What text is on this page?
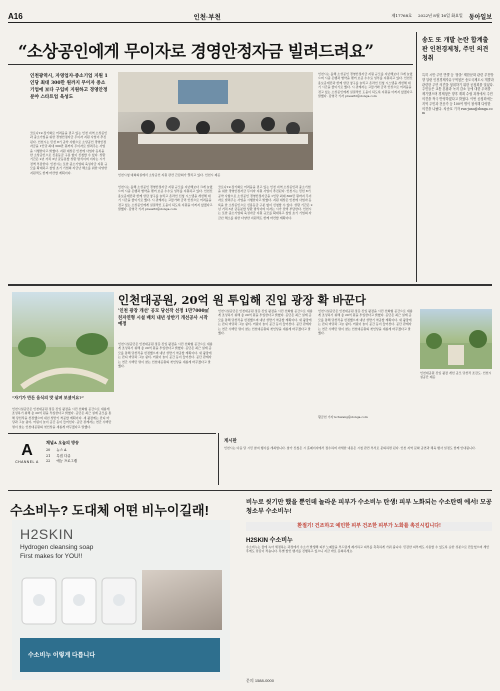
A16	인천·부천	제17768호 2022년 8월 16일 화요일 동아일보
“소상공인에게 무이자로 경영안정자금 빌려드려요”
인천광역시, 자영업자·중소기업 지원 1인당 최대 300만 원까지 무이자 중소기업에 보다 구입비 지원하고 경영안정 분야 스타트업 육성도
코로나19 장기화로 어려움을 겪고 있는 인천 지역 소상공인과 중소기업을 위한 경영안정자금 무이자 지원 사업이 추진된다. 인천시는 민선 8기 공약 사항으로 소상공인 경영안정자금을 1인당 최대 300만 원까지 무이자로 빌려주는 사업을 시행한다고 밝혔다. 지원 대상은 인천에 사업자 등록을 한 소상공인으로 신용등급 구분 없이 신청할 수 있다. 상환 기간은 2년 거치 3년 균등분할 상환 방식이며 이자는 시가 전액 부담한다. 인천시는 또한 중소기업의 육성자금 지원 규모를 확대하고 창업 초기 기업의 자금난 해소를 위한 다양한 지원책도 함께 마련할 계획이다.
인천시청 대회의실에서 소상공인 지원 관련 간담회가 열리고 있다. 인천시 제공
인천시는 올해 소상공인 경영안정자금 지원 규모를 지난해보다 크게 늘렸으며 시중 은행과 협약을 맺어 보증 수수료 일부를 지원하고 있다. 인천신용보증재단과 함께 상담 창구를 늘리고 온라인 신청 시스템을 개선해 대기 시간을 줄이기로 했다. 시 관계자는 고물가와 금리 인상으로 어려움을 겪고 있는 소상공인에게 실질적인 도움이 되도록 지원을 아끼지 않겠다고 말했다. 김영국 기자 press82@donga.com
코로나19 장기화로 어려움을 겪고 있는 인천 지역 소상공인과 중소기업을 위한 경영안정자금 무이자 지원 사업이 추진된다. 인천시는 민선 8기 공약 사항으로 소상공인 경영안정자금을 1인당 최대 300만 원까지 무이자로 빌려주는 사업을 시행한다고 밝혔다. 지원 대상은 인천에 사업자 등록을 한 소상공인으로 신용등급 구분 없이 신청할 수 있다. 상환 기간은 2년 거치 3년 균등분할 상환 방식이며 이자는 시가 전액 부담한다. 인천시는 또한 중소기업의 육성자금 지원 규모를 확대하고 창업 초기 기업의 자금난 해소를 위한 다양한 지원책도 함께 마련할 계획이다.
인천시는 올해 소상공인 경영안정자금 지원 규모를 지난해보다 크게 늘렸으며 시중 은행과 협약을 맺어 보증 수수료 일부를 지원하고 있다. 인천신용보증재단과 함께 상담 창구를 늘리고 온라인 신청 시스템을 개선해 대기 시간을 줄이기로 했다. 시 관계자는 고물가와 금리 인상으로 어려움을 겪고 있는 소상공인에게 실질적인 도움이 되도록 지원을 아끼지 않겠다고 말했다. 김영국 기자 press82@donga.com
송도 또 개발 논란 합계출판 인천경제청, 주민 의견 청취
특히 시민·주민 반발 등 '참을' 제한문화 관련 추진방향 알린 인천경제자유구역청은 송도국제도시 개발과 관련한 주민 의견을 청취하기 위한 공청회를 열었다. 주민들은 교통 혼잡과 녹지 감소 등에 대한 우려를 제기했으며 경제청은 향후 계획 수립 과정에서 주민 의견을 적극 반영하겠다고 밝혔다. 이번 공청회에는 지역 주민과 전문가 등 100여 명이 참석해 다양한 의견을 나눴다. 차준호 기자 run-juno@donga.com
인천대공원, 20억 원 투입해 진입 광장 확 바꾼다
“자기가 만든 음식의 맛 살펴 보셨어요?”
인천시설공단은 인천대공원 정문 진입 광장을 시민 친화형 공간으로 새롭게 조성하기 위해 총 20억 원을 투입한다고 밝혔다. 공단은 최근 설계 공모를 통해 당선작을 선정했으며 내년 상반기 착공할 계획이다. 새 광장에는 잔디 마당과 그늘 쉼터, 어린이 놀이 공간 등이 들어선다. 공단 관계자는 연간 수백만 명이 찾는 인천대공원의 첫인상을 새롭게 바꾸겠다고 말했다.
'인천 광장 개선' 공모 당선작 선정 1만7000㎡ 친자연형 시설 배치 내년 상반기 개선공사 시작 예정
인천시설공단은 인천대공원 정문 진입 광장을 시민 친화형 공간으로 새롭게 조성하기 위해 총 20억 원을 투입한다고 밝혔다. 공단은 최근 설계 공모를 통해 당선작을 선정했으며 내년 상반기 착공할 계획이다. 새 광장에는 잔디 마당과 그늘 쉼터, 어린이 놀이 공간 등이 들어선다. 공단 관계자는 연간 수백만 명이 찾는 인천대공원의 첫인상을 새롭게 바꾸겠다고 말했다.
인천시설공단은 인천대공원 정문 진입 광장을 시민 친화형 공간으로 새롭게 조성하기 위해 총 20억 원을 투입한다고 밝혔다. 공단은 최근 설계 공모를 통해 당선작을 선정했으며 내년 상반기 착공할 계획이다. 새 광장에는 잔디 마당과 그늘 쉼터, 어린이 놀이 공간 등이 들어선다. 공단 관계자는 연간 수백만 명이 찾는 인천대공원의 첫인상을 새롭게 바꾸겠다고 말했다.
인천시설공단은 인천대공원 정문 진입 광장을 시민 친화형 공간으로 새롭게 조성하기 위해 총 20억 원을 투입한다고 밝혔다. 공단은 최근 설계 공모를 통해 당선작을 선정했으며 내년 상반기 착공할 계획이다. 새 광장에는 잔디 마당과 그늘 쉼터, 어린이 놀이 공간 등이 들어선다. 공단 관계자는 연간 수백만 명이 찾는 인천대공원의 첫인상을 새롭게 바꾸겠다고 말했다.
인천대공원 진입 광장 개선 공모 당선작 조감도. 인천시설공단 제공
황금천 기자 kchwang@donga.com
A
CHANNEL A
채널A 오늘의 방송
20 뉴스 A
21 특집 다큐
22 예능 프로그램
게시판
인천시는 다음 달 시민 참여 행사를 개최합니다. 참가 신청은 시 홈페이지에서 접수하며 자세한 내용은 시청 관련 부서로 문의하면 된다. 인천 지역 문화 공연과 체육 행사 일정도 함께 안내됩니다.
수소비누? 도대체 어떤 비누이길래!
H2SKIN
Hydrogen cleansing soap
First makes for YOU!!
수소비누 이렇게 다릅니다
비누로 씻기만 했을 뿐인데 놀라운 피부가 수소비누 탄생! 피부 노화되는 수소탄력 에서! 모공 청소부 수소비누!
환절기! 건조하고 예민한 피부 건조한 피부가 노화를 촉진시킵니다!
H2SKIN 수소비누
수소비누는 물에 녹아 세정하는 과정에서 수소가 발생해 피부 노폐물을 부드럽게 제거하고 피부를 촉촉하게 가꿔 줍니다. 민감한 피부에도 사용할 수 있도록 순한 성분으로 만들었으며 세안 후에도 당김이 적습니다. 특별 할인 행사를 진행하고 있으니 지금 바로 문의하세요.
문의 1588-0000
